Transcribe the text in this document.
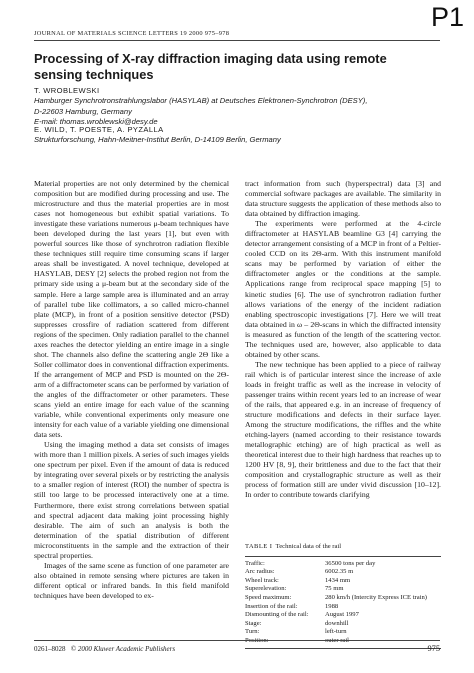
P1
JOURNAL OF MATERIALS SCIENCE LETTERS 19 2000 975–978
Processing of X-ray diffraction imaging data using remote sensing techniques
T. WROBLEWSKI
Hamburger Synchrotronstrahlungslabor (HASYLAB) at Deutsches Elektronen-Synchrotron (DESY),
D-22603 Hamburg, Germany
E-mail: thomas.wroblewski@desy.de
E. WILD, T. POESTE, A. PYZALLA
Strukturforschung, Hahn-Meitner-Institut Berlin, D-14109 Berlin, Germany

Material properties are not only determined by the chemical composition but are modified during processing and use. The microstructure and thus the material properties are in most cases not homogeneous but exhibit spatial variations. To investigate these variations numerous μ-beam techniques have been developed during the last years [1], but even with powerful sources like those of synchrotron radiation flexible these techniques still require time consuming scans if larger areas shall be investigated. A novel technique, developed at HASYLAB, DESY [2] selects the probed region not from the primary side using a μ-beam but at the secondary side of the sample. Here a large sample area is illuminated and an array of parallel tube like collimators, a so called micro-channel plate (MCP), in front of a position sensitive detector (PSD) suppresses crossfire of radiation scattered from different regions of the specimen. Only radiation parallel to the channel axes reaches the detector yielding an entire image in a single shot. The channels also define the scattering angle 2Θ like a Soller collimator does in conventional diffraction experiments. If the arrangement of MCP and PSD is mounted on the 2Θ-arm of a diffractometer scans can be performed by variation of the angles of the diffractometer or other parameters. These scans yield an entire image for each value of the scanning variable, while conventional experiments only measure one intensity for each value of a variable yielding one dimensional data sets.

Using the imaging method a data set consists of images with more than 1 million pixels. A series of such images yields one spectrum per pixel. Even if the amount of data is reduced by integrating over several pixels or by restricting the analysis to a smaller region of interest (ROI) the number of spectra is still too large to be processed interactively one at a time. Furthermore, there exist strong correlations between spatial and spectral adjacent data making joint processing highly desirable. The aim of such an analysis is both the determination of the spatial distribution of different microconstituents in the sample and the extraction of their spectral properties.

Images of the same scene as function of one parameter are also obtained in remote sensing where pictures are taken in different optical or infrared bands. In this field manifold techniques have been developed to ex-

tract information from such (hyperspectral) data [3] and commercial software packages are available. The similarity in data structure suggests the application of these methods also to data obtained by diffraction imaging.

The experiments were performed at the 4-circle diffractometer at HASYLAB beamline G3 [4] carrying the detector arrangement consisting of a MCP in front of a Peltier-cooled CCD on its 2Θ-arm. With this instrument manifold scans may be performed by variation of either the diffractometer angles or the conditions at the sample. Applications range from reciprocal space mapping [5] to kinetic studies [6]. The use of synchrotron radiation further allows variations of the energy of the incident radiation enabling spectroscopic investigations [7]. Here we will treat data obtained in ω – 2Θ-scans in which the diffracted intensity is measured as function of the length of the scattering vector. The techniques used are, however, also applicable to data obtained by other scans.

The new technique has been applied to a piece of railway rail which is of particular interest since the increase of axle loads in freight traffic as well as the increase in velocity of passenger trains within recent years led to an increase of wear of the rails, that appeared e.g. in an increase of frequency of structure modifications and defects in their surface layer. Among the structure modifications, the riffles and the white etching-layers (named according to their resistance towards metallographic etching) are of high practical as well as theoretical interest due to their high hardness that reaches up to 1200 HV [8, 9], their brittleness and due to the fact that their composition and crystallographic structure as well as their process of formation still are under vivid discussion [10–12]. In order to contribute towards clarifying

TABLE I Technical data of the rail
Traffic:	36500 tons per day
Arc radius:	6002.35 m
Wheel track:	1434 mm
Superelevation:	75 mm
Speed maximum:	280 km/h (Intercity Express ICE train)
Insertion of the rail:	1988
Dismounting of the rail:	August 1997
Stage:	downhill
Turn:	left-turn
Position:	outer rail
0261–8028 © 2000 Kluwer Academic Publishers	975
